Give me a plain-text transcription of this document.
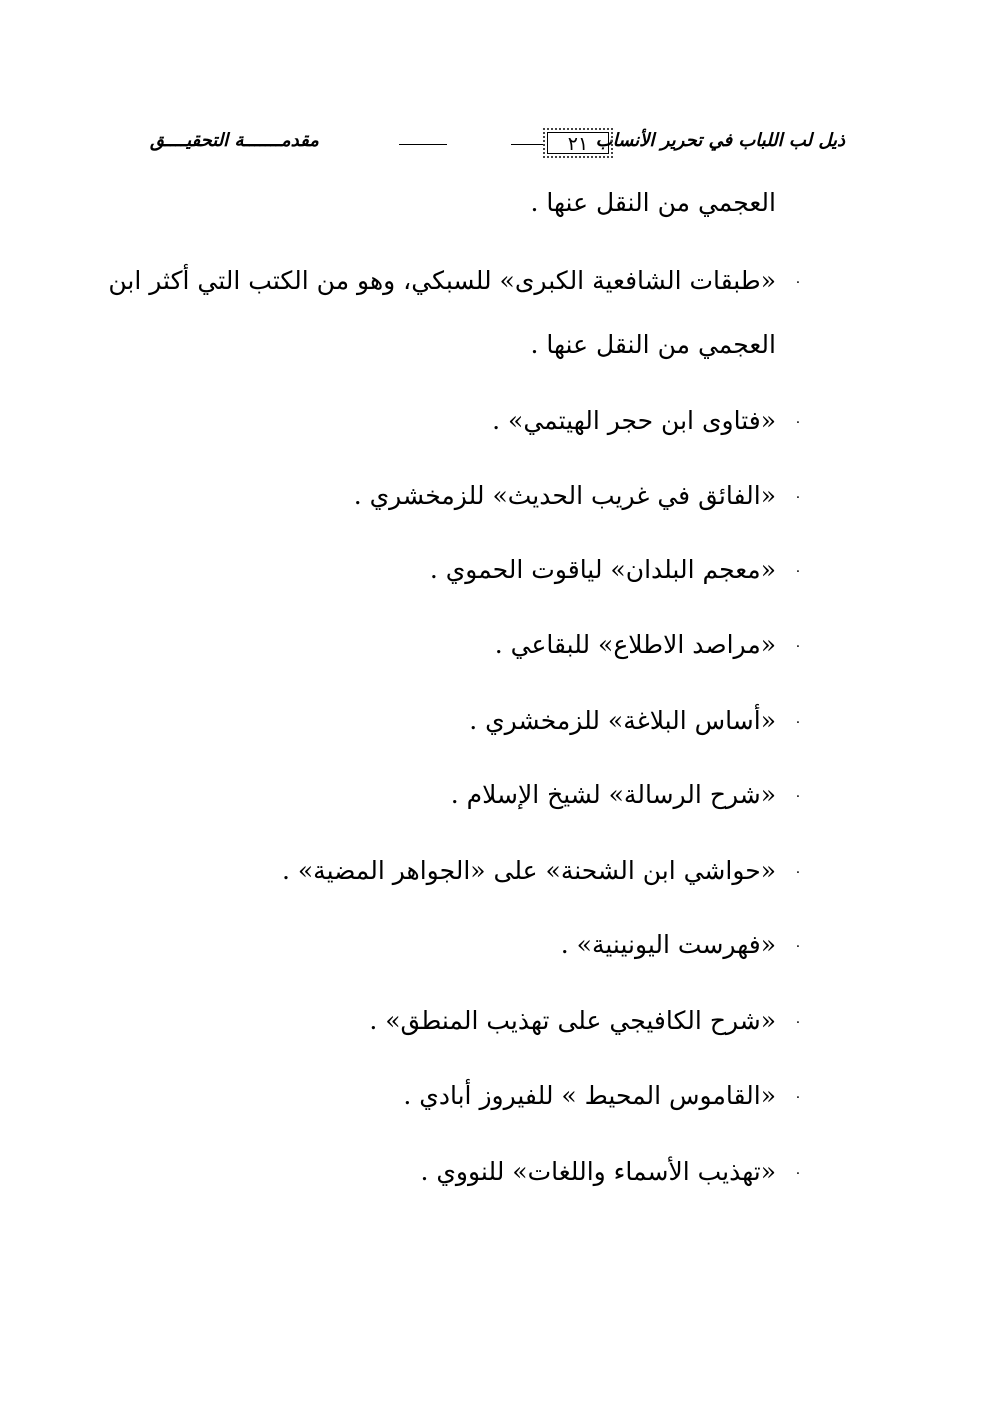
ذيل لب اللباب في تحرير الأنساب
٢١
مقدمـــــــة التحقيــــق
العجمي من النقل عنها .
·«طبقات الشافعية الكبرى» للسبكي، وهو من الكتب التي أكثر ابن
العجمي من النقل عنها .
·«فتاوى ابن حجر الهيتمي» .
·«الفائق في غريب الحديث» للزمخشري .
·«معجم البلدان» لياقوت الحموي .
·«مراصد الاطلاع» للبقاعي .
·«أساس البلاغة» للزمخشري .
·«شرح الرسالة» لشيخ الإسلام .
·«حواشي ابن الشحنة» على «الجواهر المضية» .
·«فهرست اليونينية» .
·«شرح الكافيجي على تهذيب المنطق» .
·«القاموس المحيط » للفيروز أبادي .
·«تهذيب الأسماء واللغات» للنووي .
